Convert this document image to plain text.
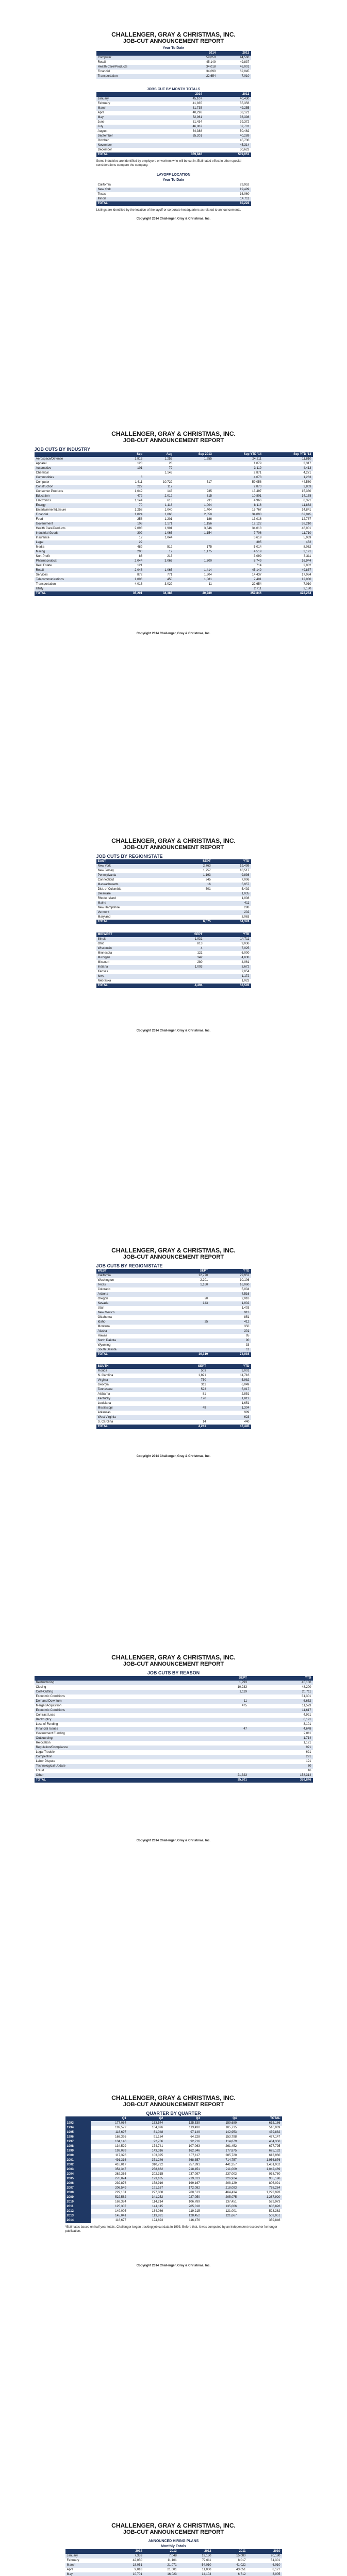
CHALLENGER, GRAY & CHRISTMAS, INC.
JOB-CUT ANNOUNCEMENT REPORT
Year To Date
	2014	2013
Computer	59,058	44,560
Retail	45,149	49,837
Health Care/Products	34,018	46,001
Financial	34,090	62,045
Transportation	22,654	7,010
JOBS CUT BY MONTH TOTALS
	2014	2013
January	45,107	40,430
February	41,835	55,356
March	31,735	49,255
April	40,298	38,121
May	52,961	36,398
June	31,434	39,372
July	46,887	37,701
August	34,388	50,462
September	35,201	40,289
October		45,730
November		45,314
December		30,623
TOTAL	359,846	509,051
Some industries are identified by employers or workers who will be cut in. Estimated effect in other special considerations compare the company.
LAYOFF LOCATION
Year To Date
California	29,952
New York	19,499
Texas	16,060
Illinois	14,711
TOTAL	80,222
Listings are identified by the location of the layoff or corporate headquarters as related to announcements.
Copyright 2014 Challenger, Gray & Christmas, Inc.
CHALLENGER, GRAY & CHRISTMAS, INC.
JOB-CUT ANNOUNCEMENT REPORT
JOB CUTS BY INDUSTRY
	Sep	Aug	Sep 2013	Sep YTD '14	Sep YTD '13
Aerospace/Defense	1,815	1,253	1,255	24,211	11,810
Apparel	128	28		1,079	3,317
Automotive	101	79		3,119	4,413
Chemical		1,143		2,871	4,271
Commodities	6			4,073	1,263
Computer	1,611	10,722	517	59,058	44,560
Construction	222	117		2,870	2,803
Consumer Products	1,049	143	235	13,497	15,380
Education	472	2,012	315	10,801	14,178
Electronics	1,144	613	231	4,966	8,321
Energy	70	1,118	1,004	8,116	11,862
Entertainment/Leisure	1,258	1,040	1,404	16,767	14,841
Financial	1,024	1,066	2,850	34,090	62,045
Food	258	1,201	186	13,016	12,787
Government	108	1,171	1,156	12,122	38,210
Health Care/Products	2,093	1,901	3,346	34,018	46,001
Industrial Goods	302	1,065	1,154	7,706	11,710
Insurance	12	1,044		3,619	5,069
Legal	22			395	452
Media	489	512	175	5,014	8,062
Mining	200	12	1,175	4,519	3,191
Non-Profit	83	213		3,099	3,311
Pharmaceutical	2,044	3,066	1,300	8,749	16,944
Real Estate	121			714	2,082
Retail	2,046	1,065	1,414	45,149	49,837
Services	872	771	1,604	14,437	17,084
Telecommunications	1,006	450	1,081	7,401	12,030
Transportation	4,016	3,029	11	22,654	7,010
Utility				2,711	3,180
TOTAL	35,201	34,388	40,289	359,846	428,234
Copyright 2014 Challenger, Gray & Christmas, Inc.
CHALLENGER, GRAY & CHRISTMAS, INC.
JOB-CUT ANNOUNCEMENT REPORT
JOB CUTS BY REGION/STATE
EAST	SEPT	YTD
New York	2,763	19,499
New Jersey	1,757	10,517
Pennsylvania	1,193	9,836
Connecticut	345	7,006
Massachusetts	16	5,957
Dist. of Columbia	501	5,492
Delaware		1,035
Rhode Island		1,008
Maine		411
New Hampshire		298
Vermont		202
Maryland		3,063
TOTAL	6,575	64,324
MIDWEST	SEPT	YTD
Illinois	1,931	14,711
Ohio	813	9,036
Wisconsin	4	7,025
Minnesota	121	6,000
Michigan	342	4,838
Missouri	280	4,061
Indiana	1,003	3,672
Kansas		2,054
Iowa		1,172
Nebraska		1,023
TOTAL	4,494	53,592
Copyright 2014 Challenger, Gray & Christmas, Inc.
CHALLENGER, GRAY & CHRISTMAS, INC.
JOB-CUT ANNOUNCEMENT REPORT
JOB CUTS BY REGION/STATE
WEST	SEPT	YTD
California	12,770	29,952
Washington	2,201	10,106
Texas	1,160	16,060
Colorado		5,004
Arizona		4,516
Oregon	20	2,018
Nevada	143	1,902
Utah		1,403
New Mexico		913
Oklahoma		851
Idaho	25	412
Montana		350
Alaska		301
Hawaii		95
North Dakota		90
Wyoming		33
South Dakota		11
TOTAL	16,319	74,016
SOUTH	SEPT	YTD
Florida	503	9,001
N. Carolina	1,891	11,716
Virginia	750	5,982
Georgia	311	6,049
Tennessee	523	5,017
Alabama	81	2,851
Kentucky	120	1,812
Louisiana		1,651
Mississippi	49	1,304
Arkansas		999
West Virginia		623
S. Carolina	14	440
TOTAL	4,241	47,445
Copyright 2014 Challenger, Gray & Christmas, Inc.
CHALLENGER, GRAY & CHRISTMAS, INC.
JOB-CUT ANNOUNCEMENT REPORT
JOB CUTS BY REASON
	SEPT	YTD
Restructuring	1,993	45,136
Closing	10,233	48,200
Cost-Cutting	1,119	20,711
Economic Conditions		31,301
Demand Downturn	11	6,652
Merger/Acquisition	475	11,523
Economic Conditions		11,617
Contract Loss		4,921
Bankruptcy		6,191
Loss of Funding		3,101
Financial Issues	47	4,648
Government Funding		2,011
Outsourcing		1,714
Relocation		1,121
Regulation/Compliance		971
Legal Trouble		621
Competition		291
Labor Dispute		121
Technological Update		60
Fraud		16
Other	21,323	158,314
TOTAL	35,201	359,846
Copyright 2014 Challenger, Gray & Christmas, Inc.
CHALLENGER, GRAY & CHRISTMAS, INC.
JOB-CUT ANNOUNCEMENT REPORT
QUARTER BY QUARTER
	Q1	Q2	Q3	Q4	TOTAL
1993	177,064	153,544	125,539	159,689	615,186
1994	192,572	104,876	113,430	105,715	516,069
1995	118,697	81,048	97,149	142,953	439,882
1996	168,395	91,184	64,228	153,798	477,147
1997	134,146	92,706	92,716	114,879	434,350
1998	134,529	174,741	107,063	261,452	677,795
1999	192,089	143,316	162,346	177,875	675,132
2000	117,326	103,025	107,117	285,720	613,960
2001	491,316	371,246	368,357	714,757	1,956,876
2002	416,017	310,722	257,891	441,357	1,431,052
2003	354,347	258,662	218,451	211,009	1,042,469
2004	262,365	202,315	237,097	237,003	938,780
2005	276,074	193,185	219,013	226,924	935,196
2006	239,876	158,919	199,167	208,129	806,091
2007	206,549	191,167	172,082	218,093	768,264
2008	229,101	277,008	260,513	464,434	1,223,993
2009	522,582	341,252	227,050	205,075	1,287,920
2010	169,384	114,214	106,789	137,451	529,973
2011	125,307	141,115	205,018	135,066	606,826
2012	149,005	134,086	119,215	121,001	523,362
2013	145,041	113,891	128,452	121,667	509,051
2014	118,677	124,693	116,476		359,846
*Estimates based on half-year totals. Challenger began tracking job cut data in 1993. Before that, it was computed by an independent researcher for longer publication.
Copyright 2014 Challenger, Gray & Christmas, Inc.
CHALLENGER, GRAY & CHRISTMAS, INC.
JOB-CUT ANNOUNCEMENT REPORT
ANNOUNCED HIRING PLANS
Monthly Totals
	2014	2013	2012	2011	2010
January	7,353	7,048	19,150	15,080	20,180
February	42,050	11,101	72,611	8,017	51,301
March	18,051	21,071	54,010	41,022	6,010
April	9,018	21,001	11,000	43,051	8,127
May	10,701	16,023	14,104	6,712	3,005
